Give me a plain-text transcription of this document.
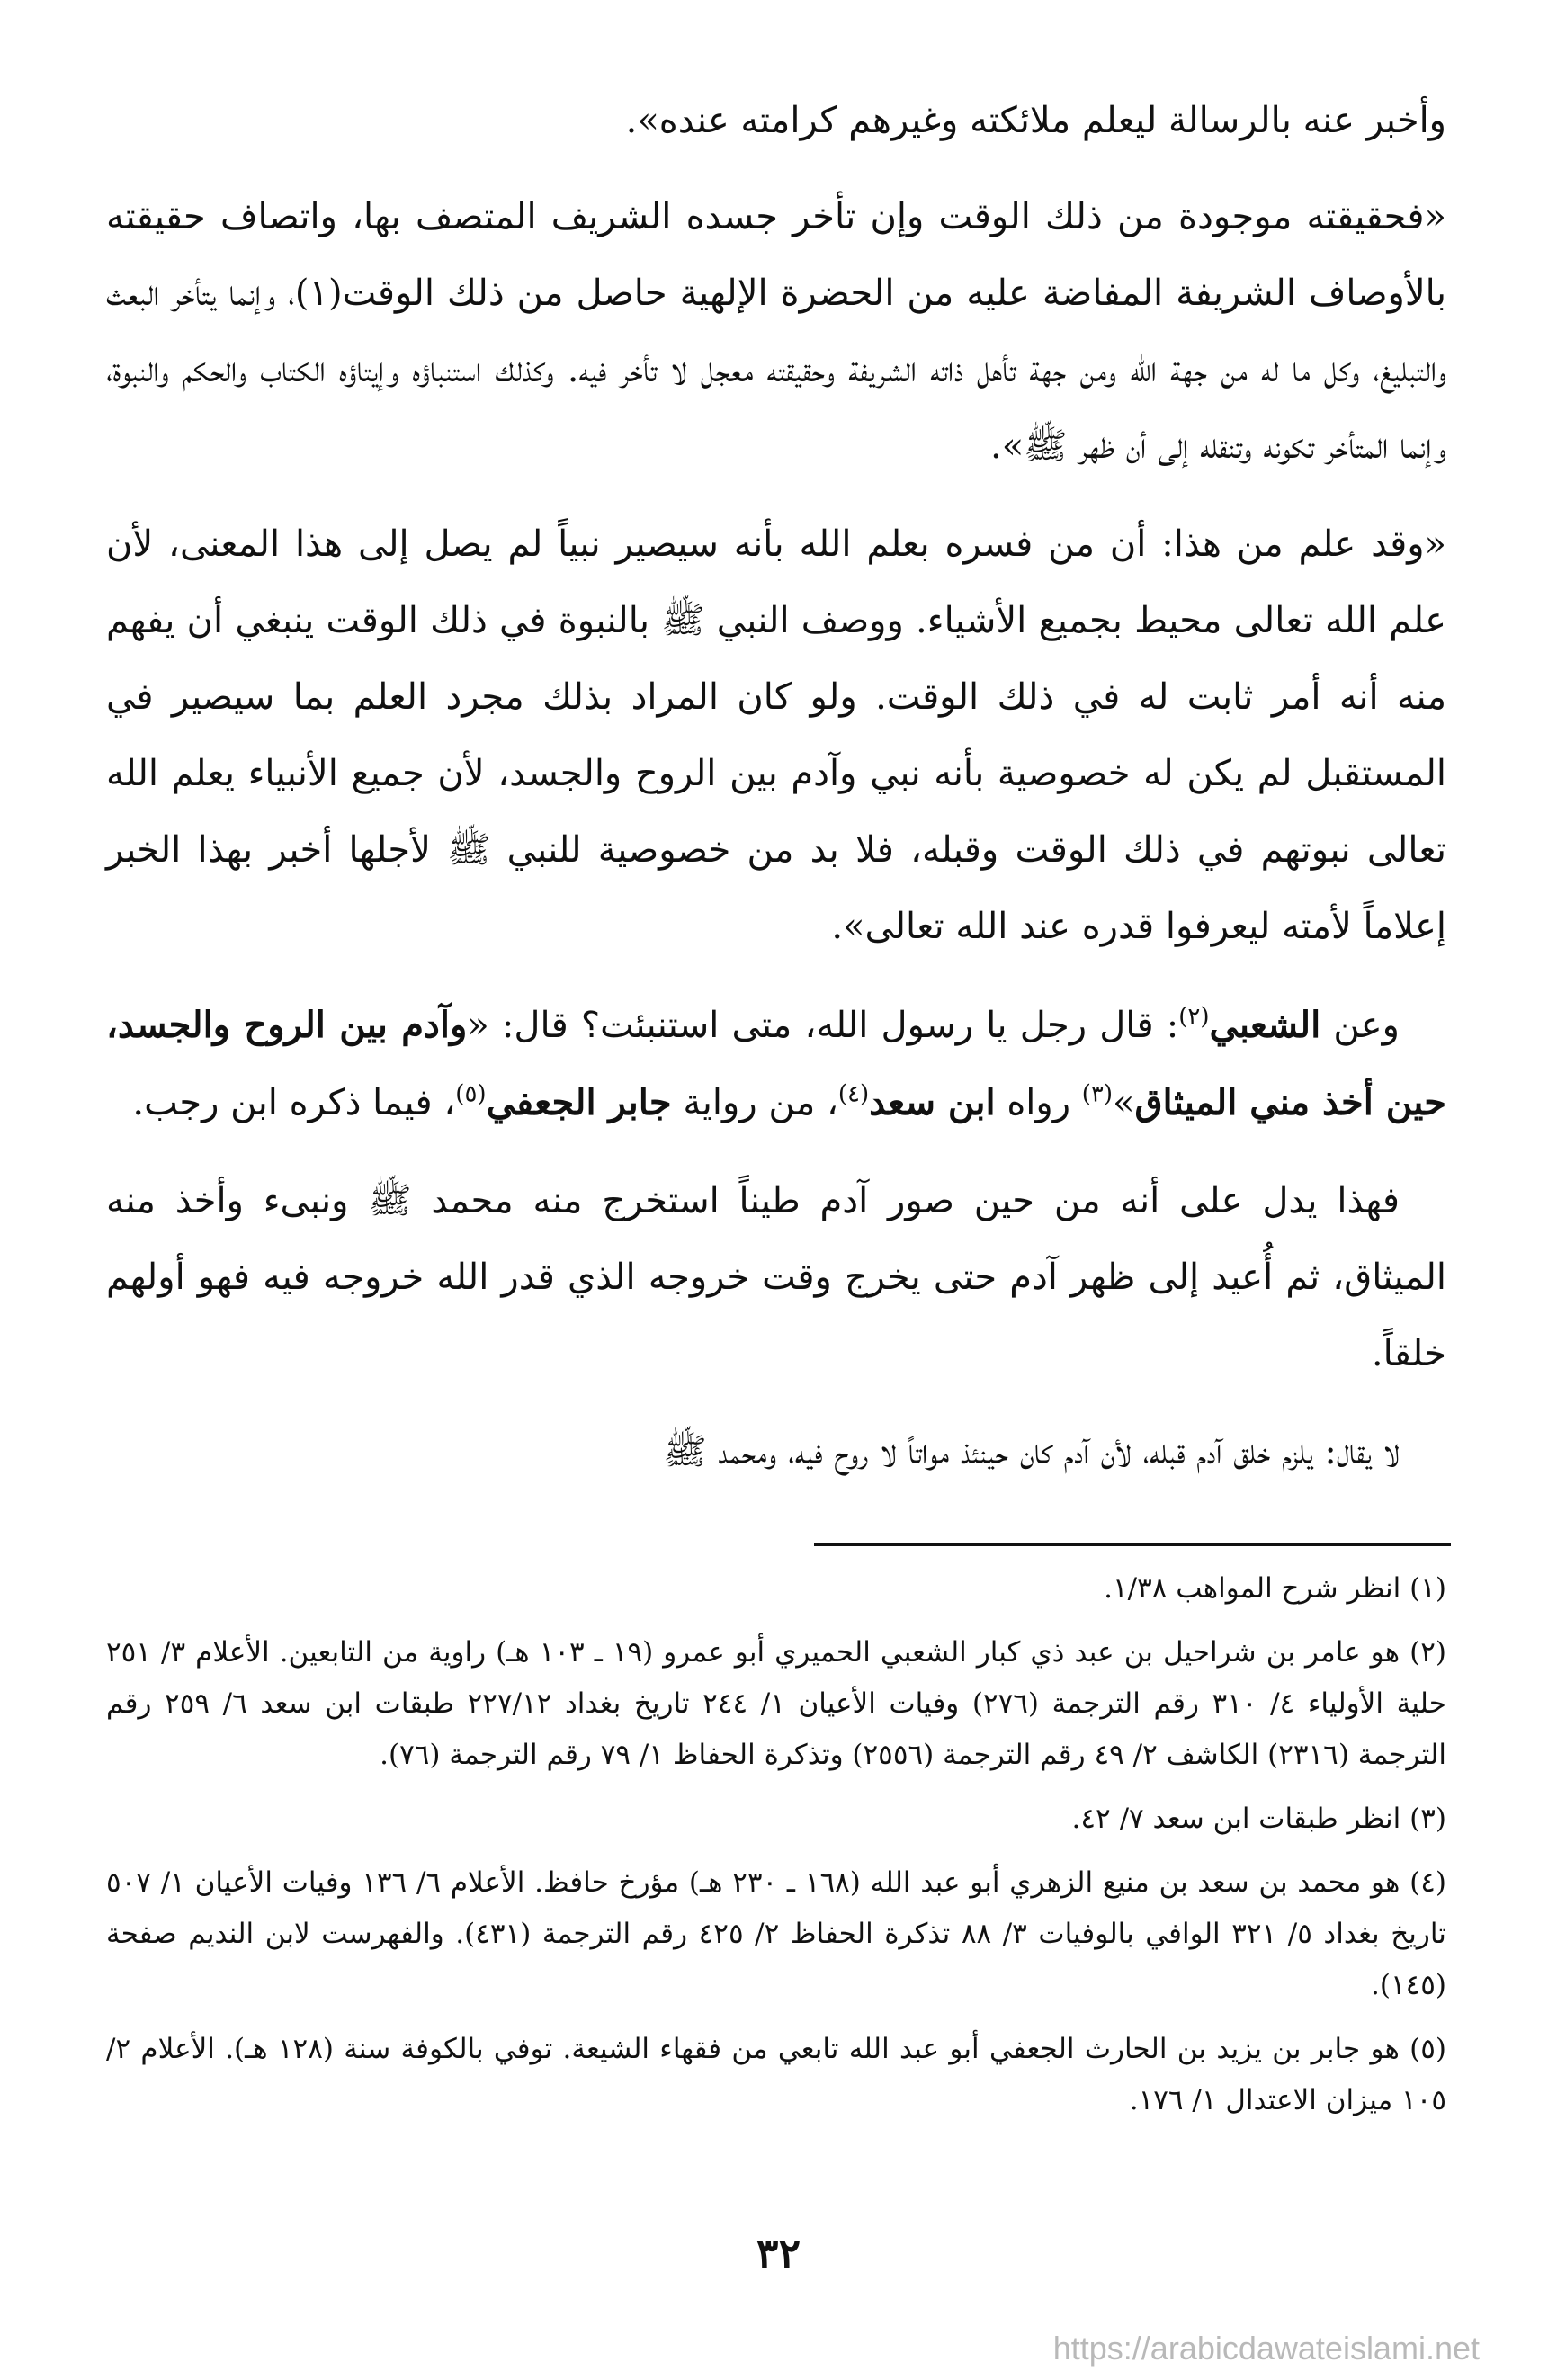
وأخبر عنه بالرسالة ليعلم ملائكته وغيرهم كرامته عنده».

«فحقيقته موجودة من ذلك الوقت وإن تأخر جسده الشريف المتصف بها، واتصاف حقيقته بالأوصاف الشريفة المفاضة عليه من الحضرة الإلهية حاصل من ذلك الوقت(١)، وإنما يتأخر البعث والتبليغ، وكل ما له من جهة الله ومن جهة تأهل ذاته الشريفة وحقيقته معجل لا تأخر فيه. وكذلك استنباؤه وإيتاؤه الكتاب والحكم والنبوة، وإنما المتأخر تكونه وتنقله إلى أن ظهر ﷺ».

«وقد علم من هذا: أن من فسره بعلم الله بأنه سيصير نبياً لم يصل إلى هذا المعنى، لأن علم الله تعالى محيط بجميع الأشياء. ووصف النبي ﷺ بالنبوة في ذلك الوقت ينبغي أن يفهم منه أنه أمر ثابت له في ذلك الوقت. ولو كان المراد بذلك مجرد العلم بما سيصير في المستقبل لم يكن له خصوصية بأنه نبي وآدم بين الروح والجسد، لأن جميع الأنبياء يعلم الله تعالى نبوتهم في ذلك الوقت وقبله، فلا بد من خصوصية للنبي ﷺ لأجلها أخبر بهذا الخبر إعلاماً لأمته ليعرفوا قدره عند الله تعالى».

وعن الشعبي$^{(٢)}$: قال رجل يا رسول الله، متى استنبئت؟ قال: «وآدم بين الروح والجسد، حين أخذ مني الميثاق»$^{(٣)}$ رواه ابن سعد$^{(٤)}$، من رواية جابر الجعفي$^{(٥)}$، فيما ذكره ابن رجب.

فهذا يدل على أنه من حين صور آدم طيناً استخرج منه محمد ﷺ ونبىء وأخذ منه الميثاق، ثم أُعيد إلى ظهر آدم حتى يخرج وقت خروجه الذي قدر الله خروجه فيه فهو أولهم خلقاً.

لا يقال: يلزم خلق آدم قبله، لأن آدم كان حينئذ مواتاً لا روح فيه، ومحمد ﷺ

(١) انظر شرح المواهب ١/٣٨.

(٢) هو عامر بن شراحيل بن عبد ذي كبار الشعبي الحميري أبو عمرو (١٩ ـ ١٠٣ هـ) راوية من التابعين. الأعلام ٣/ ٢٥١ حلية الأولياء ٤/ ٣١٠ رقم الترجمة (٢٧٦) وفيات الأعيان ١/ ٢٤٤ تاريخ بغداد ٢٢٧/١٢ طبقات ابن سعد ٦/ ٢٥٩ رقم الترجمة (٢٣١٦) الكاشف ٢/ ٤٩ رقم الترجمة (٢٥٥٦) وتذكرة الحفاظ ١/ ٧٩ رقم الترجمة (٧٦).

(٣) انظر طبقات ابن سعد ٧/ ٤٢.

(٤) هو محمد بن سعد بن منيع الزهري أبو عبد الله (١٦٨ ـ ٢٣٠ هـ) مؤرخ حافظ. الأعلام ٦/ ١٣٦ وفيات الأعيان ١/ ٥٠٧ تاريخ بغداد ٥/ ٣٢١ الوافي بالوفيات ٣/ ٨٨ تذكرة الحفاظ ٢/ ٤٢٥ رقم الترجمة (٤٣١). والفهرست لابن النديم صفحة (١٤٥).

(٥) هو جابر بن يزيد بن الحارث الجعفي أبو عبد الله تابعي من فقهاء الشيعة. توفي بالكوفة سنة (١٢٨ هـ). الأعلام ٢/ ١٠٥ ميزان الاعتدال ١/ ١٧٦.

٣٢
https://arabicdawateislami.net
